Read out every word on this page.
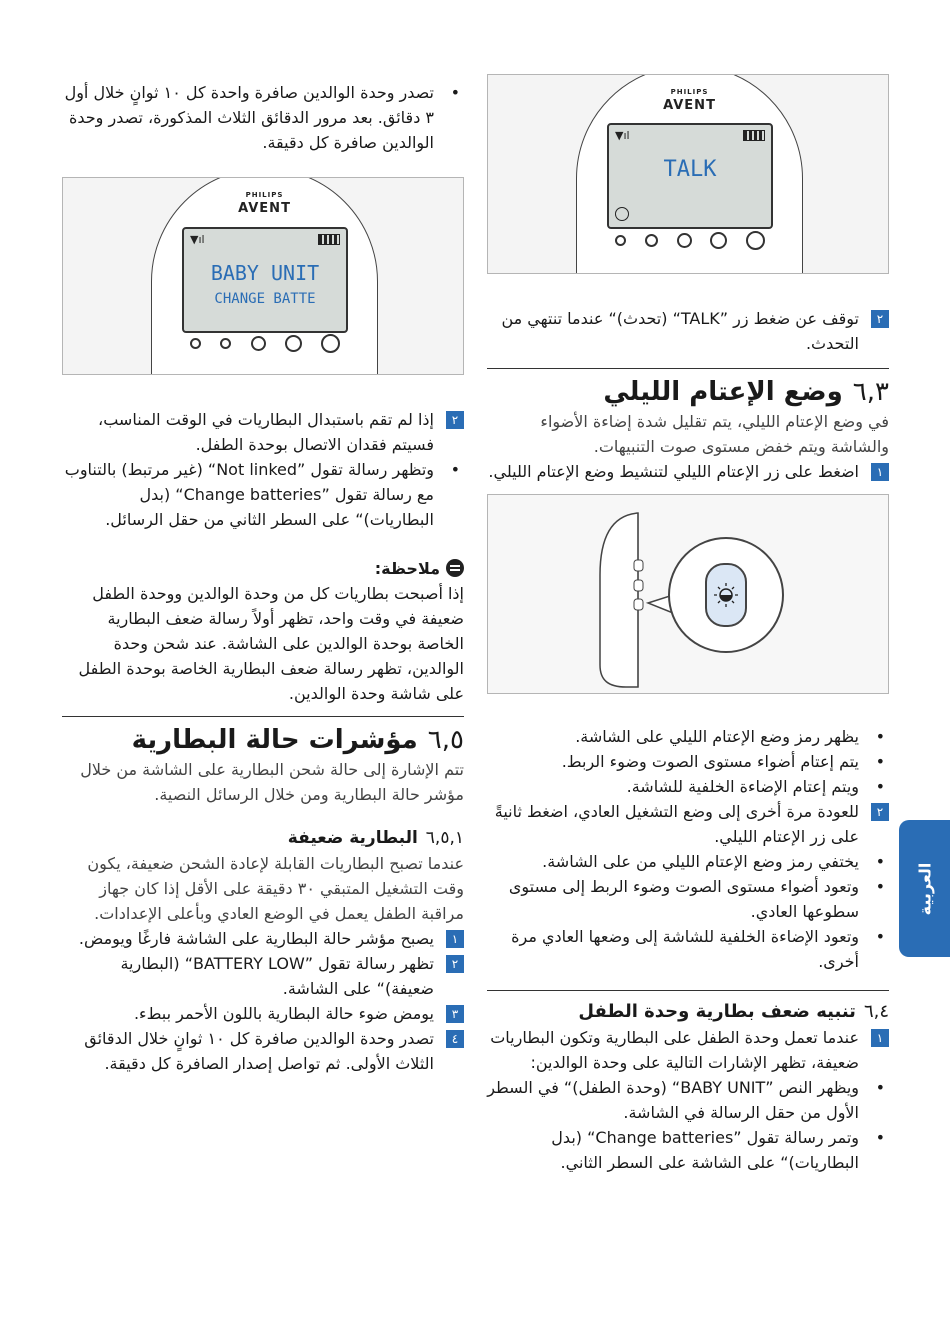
• تصدر وحدة الوالدين صافرة واحدة كل ١٠ ثوانٍ خلال أول ٣ دقائق. بعد مرور الدقائق الثلاث المذكورة، تصدر وحدة الوالدين صافرة كل دقيقة.

PHILIPS
AVENT
▼ıl
BABY UNIT
CHANGE BATTE
٢
إذا لم تقم باستبدال البطاريات في الوقت المناسب، فسيتم فقدان الاتصال بوحدة الطفل.

• وتظهر رسالة تقول ”Not linked“ (غير مرتبط) بالتناوب مع رسالة تقول ”Change batteries“ (بدل البطاريات)“ على السطر الثاني من حقل الرسائل.

ملاحظة:

إذا أصبحت بطاريات كل من وحدة الوالدين ووحدة الطفل ضعيفة في وقت واحد، تظهر أولاً رسالة ضعف البطارية الخاصة بوحدة الوالدين على الشاشة. عند شحن وحدة الوالدين، تظهر رسالة ضعف البطارية الخاصة بوحدة الطفل على شاشة وحدة الوالدين.

٦,٥مؤشرات حالة البطارية

تتم الإشارة إلى حالة شحن البطارية على الشاشة من خلال مؤشر حالة البطارية ومن خلال الرسائل النصية.

٦,٥,١البطارية ضعيفة

عندما تصبح البطاريات القابلة لإعادة الشحن ضعيفة، يكون وقت التشغيل المتبقي ٣٠ دقيقة على الأقل إذا كان جهاز مراقبة الطفل يعمل في الوضع العادي وبأعلى الإعدادات.

١
يصبح مؤشر حالة البطارية على الشاشة فارغًا ويومض.
٢
تظهر رسالة تقول ”BATTERY LOW“ (البطارية ضعيفة)“ على الشاشة.
٣
يومض ضوء حالة البطارية باللون الأحمر ببطء.
٤
تصدر وحدة الوالدين صافرة كل ١٠ ثوانٍ خلال الدقائق الثلاث الأولى. ثم تواصل إصدار الصافرة كل دقيقة.
PHILIPS
AVENT
▼ıl
TALK
٢
توقف عن ضغط زر ”TALK“ (تحدث)“ عندما تنتهي من التحدث.
٦,٣وضع الإعتام الليلي

في وضع الإعتام الليلي، يتم تقليل شدة إضاءة الأضواء والشاشة ويتم خفض مستوى صوت التنبيهات.

١
اضغط على زر الإعتام الليلي لتنشيط وضع الإعتام الليلي.

• يظهر رمز وضع الإعتام الليلي على الشاشة.

• يتم إعتام أضواء مستوى الصوت وضوء الربط.

• ويتم إعتام الإضاءة الخلفية للشاشة.

٢
للعودة مرة أخرى إلى وضع التشغيل العادي، اضغط ثانيةً على زر الإعتام الليلي.

• يختفي رمز وضع الإعتام الليلي من على الشاشة.

• وتعود أضواء مستوى الصوت وضوء الربط إلى مستوى سطوعها العادي.

• وتعود الإضاءة الخلفية للشاشة إلى وضعها العادي مرة أخرى.

٦,٤تنبيه ضعف بطارية وحدة الطفل
١
عندما تعمل وحدة الطفل على البطارية وتكون البطاريات ضعيفة، تظهر الإشارات التالية على وحدة الوالدين:

• ويظهر النص ”BABY UNIT“ (وحدة الطفل)“ في السطر الأول من حقل الرسالة في الشاشة.

• وتمر رسالة تقول ”Change batteries“ (بدل البطاريات)“ على الشاشة على السطر الثاني.

العربية
